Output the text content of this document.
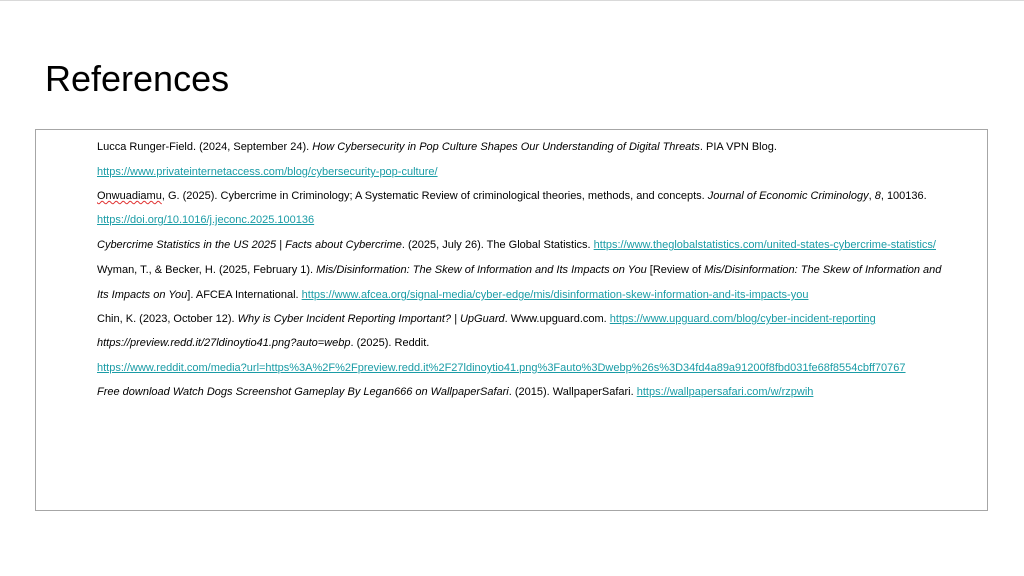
References
Lucca Runger-Field. (2024, September 24). How Cybersecurity in Pop Culture Shapes Our Understanding of Digital Threats. PIA VPN Blog.
https://www.privateinternetaccess.com/blog/cybersecurity-pop-culture/
Onwuadiamu, G. (2025). Cybercrime in Criminology; A Systematic Review of criminological theories, methods, and concepts. Journal of Economic Criminology, 8, 100136.
https://doi.org/10.1016/j.jeconc.2025.100136
Cybercrime Statistics in the US 2025 | Facts about Cybercrime. (2025, July 26). The Global Statistics. https://www.theglobalstatistics.com/united-states-cybercrime-statistics/
Wyman, T., & Becker, H. (2025, February 1). Mis/Disinformation: The Skew of Information and Its Impacts on You [Review of Mis/Disinformation: The Skew of Information and
Its Impacts on You]. AFCEA International. https://www.afcea.org/signal-media/cyber-edge/mis/disinformation-skew-information-and-its-impacts-you
Chin, K. (2023, October 12). Why is Cyber Incident Reporting Important? | UpGuard. Www.upguard.com. https://www.upguard.com/blog/cyber-incident-reporting
https://preview.redd.it/27ldinoytio41.png?auto=webp. (2025). Reddit.
https://www.reddit.com/media?url=https%3A%2F%2Fpreview.redd.it%2F27ldinoytio41.png%3Fauto%3Dwebp%26s%3D34fd4a89a91200f8fbd031fe68f8554cbff70767
Free download Watch Dogs Screenshot Gameplay By Legan666 on WallpaperSafari. (2015). WallpaperSafari. https://wallpapersafari.com/w/rzpwih
